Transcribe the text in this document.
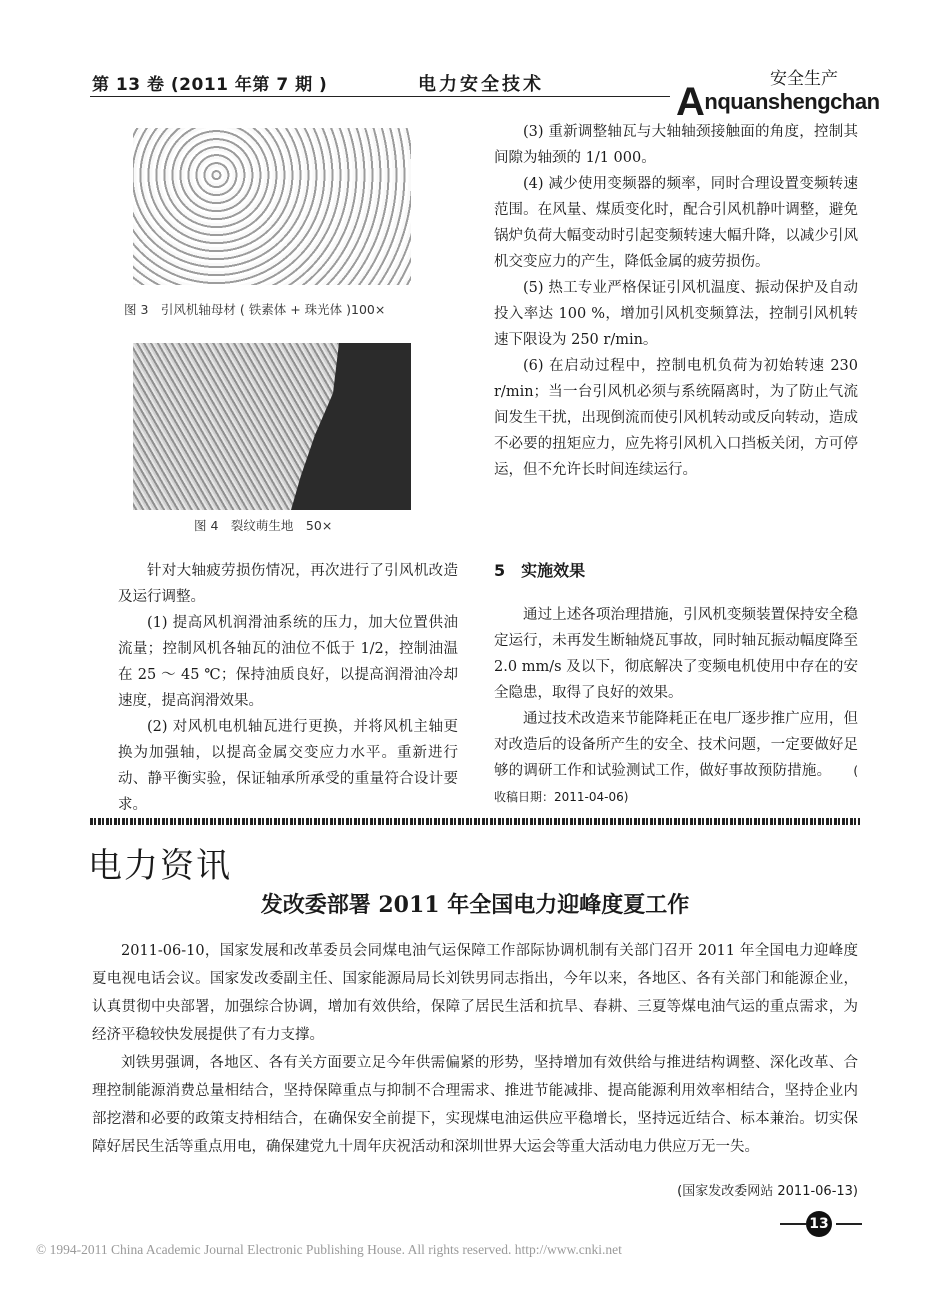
第 13 卷 (2011 年第 7 期 )	电力安全技术	安全生产
Anquanshengchan
图 3　引风机轴母材 ( 铁素体 + 珠光体 )100×
图 4　裂纹萌生地　50×

针对大轴疲劳损伤情况，再次进行了引风机改造及运行调整。

(1) 提高风机润滑油系统的压力，加大位置供油流量；控制风机各轴瓦的油位不低于 1/2，控制油温在 25 ～ 45 ℃；保持油质良好，以提高润滑油冷却速度，提高润滑效果。

(2) 对风机电机轴瓦进行更换，并将风机主轴更换为加强轴，以提高金属交变应力水平。重新进行动、静平衡实验，保证轴承所承受的重量符合设计要求。

(3) 重新调整轴瓦与大轴轴颈接触面的角度，控制其间隙为轴颈的 1/1 000。

(4) 减少使用变频器的频率，同时合理设置变频转速范围。在风量、煤质变化时，配合引风机静叶调整，避免锅炉负荷大幅变动时引起变频转速大幅升降，以减少引风机交变应力的产生，降低金属的疲劳损伤。

(5) 热工专业严格保证引风机温度、振动保护及自动投入率达 100 %，增加引风机变频算法，控制引风机转速下限设为 250 r/min。

(6) 在启动过程中，控制电机负荷为初始转速 230 r/min；当一台引风机必须与系统隔离时，为了防止气流间发生干扰，出现倒流而使引风机转动或反向转动，造成不必要的扭矩应力，应先将引风机入口挡板关闭，方可停运，但不允许长时间连续运行。

5　实施效果

通过上述各项治理措施，引风机变频装置保持安全稳定运行，未再发生断轴烧瓦事故，同时轴瓦振动幅度降至 2.0 mm/s 及以下，彻底解决了变频电机使用中存在的安全隐患，取得了良好的效果。

通过技术改造来节能降耗正在电厂逐步推广应用，但对改造后的设备所产生的安全、技术问题，一定要做好足够的调研工作和试验测试工作，做好事故预防措施。　　 ( 收稿日期：2011-04-06)

电力资讯
发改委部署 2011 年全国电力迎峰度夏工作

2011-06-10，国家发展和改革委员会同煤电油气运保障工作部际协调机制有关部门召开 2011 年全国电力迎峰度夏电视电话会议。国家发改委副主任、国家能源局局长刘铁男同志指出，今年以来，各地区、各有关部门和能源企业，认真贯彻中央部署，加强综合协调，增加有效供给，保障了居民生活和抗旱、春耕、三夏等煤电油气运的重点需求，为经济平稳较快发展提供了有力支撑。

刘铁男强调，各地区、各有关方面要立足今年供需偏紧的形势，坚持增加有效供给与推进结构调整、深化改革、合理控制能源消费总量相结合，坚持保障重点与抑制不合理需求、推进节能减排、提高能源利用效率相结合，坚持企业内部挖潜和必要的政策支持相结合，在确保安全前提下，实现煤电油运供应平稳增长，坚持远近结合、标本兼治。切实保障好居民生活等重点用电，确保建党九十周年庆祝活动和深圳世界大运会等重大活动电力供应万无一失。

(国家发改委网站 2011-06-13)
13
© 1994-2011 China Academic Journal Electronic Publishing House. All rights reserved. http://www.cnki.net
